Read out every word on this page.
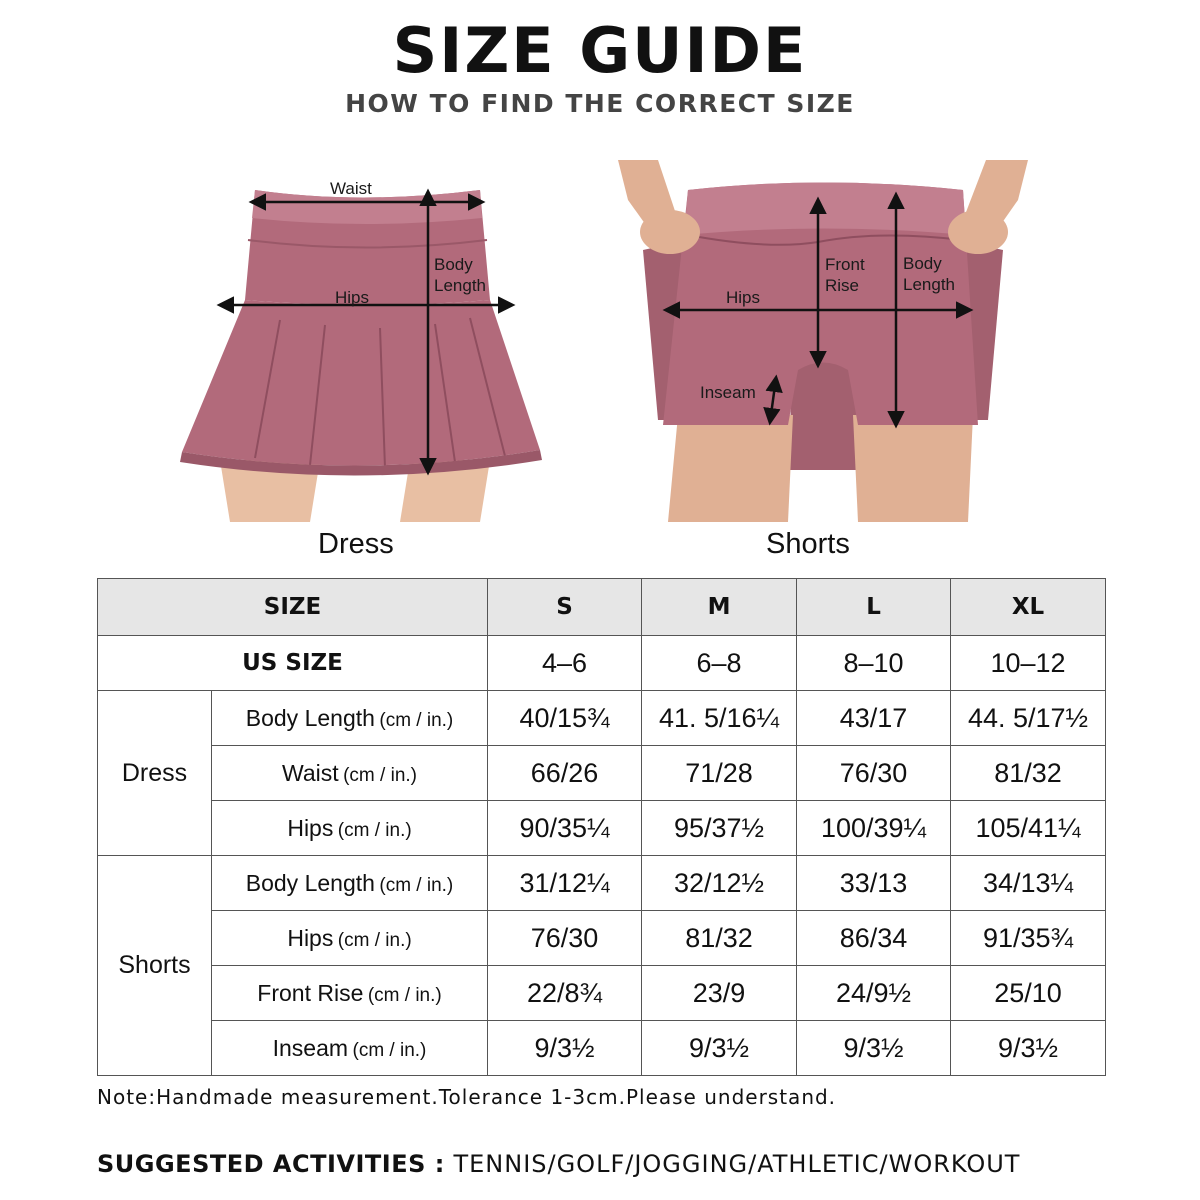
SIZE GUIDE
HOW TO FIND THE CORRECT SIZE
Waist
Hips
Body
Length
Dress
Hips
Front
Rise
Body
Length
Inseam
Shorts
SIZE		S	M	L	XL
US SIZE		4–6	6–8	8–10	10–12
Dress	Body Length (cm / in.)	40/15¾	41. 5/16¼	43/17	44. 5/17½
	Waist (cm / in.)	66/26	71/28	76/30	81/32
	Hips (cm / in.)	90/35¼	95/37½	100/39¼	105/41¼
Shorts	Body Length (cm / in.)	31/12¼	32/12½	33/13	34/13¼
	Hips (cm / in.)	76/30	81/32	86/34	91/35¾
	Front Rise (cm / in.)	22/8¾	23/9	24/9½	25/10
	Inseam (cm / in.)	9/3½	9/3½	9/3½	9/3½
Note:Handmade measurement.Tolerance 1-3cm.Please understand.
SUGGESTED ACTIVITIES : TENNIS/GOLF/JOGGING/ATHLETIC/WORKOUT
